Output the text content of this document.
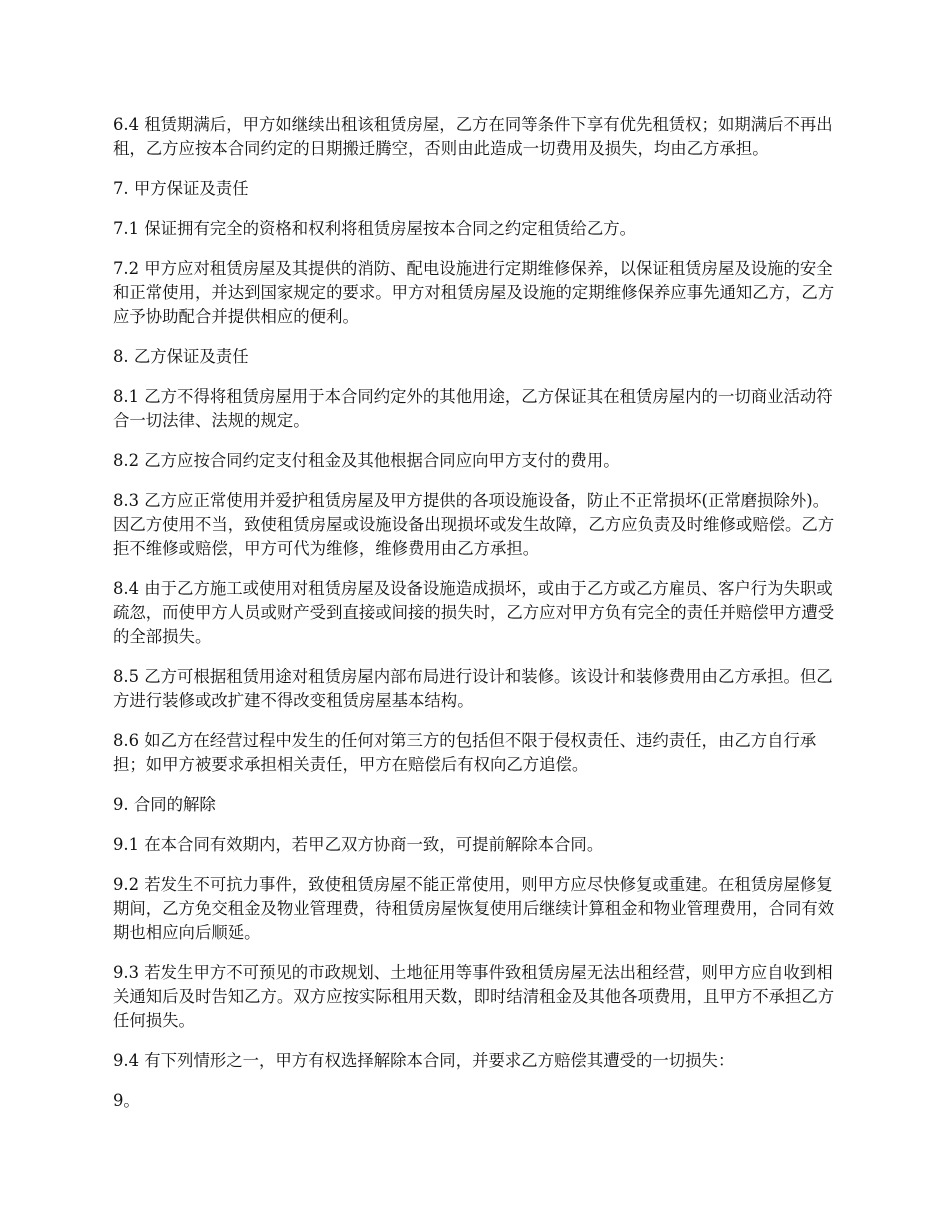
6.4 租赁期满后，甲方如继续出租该租赁房屋，乙方在同等条件下享有优先租赁权；如期满后不再出租，乙方应按本合同约定的日期搬迁腾空，否则由此造成一切费用及损失，均由乙方承担。

7. 甲方保证及责任

7.1 保证拥有完全的资格和权利将租赁房屋按本合同之约定租赁给乙方。

7.2 甲方应对租赁房屋及其提供的消防、配电设施进行定期维修保养，以保证租赁房屋及设施的安全和正常使用，并达到国家规定的要求。甲方对租赁房屋及设施的定期维修保养应事先通知乙方，乙方应予协助配合并提供相应的便利。

8. 乙方保证及责任

8.1 乙方不得将租赁房屋用于本合同约定外的其他用途，乙方保证其在租赁房屋内的一切商业活动符合一切法律、法规的规定。

8.2 乙方应按合同约定支付租金及其他根据合同应向甲方支付的费用。

8.3 乙方应正常使用并爱护租赁房屋及甲方提供的各项设施设备，防止不正常损坏(正常磨损除外)。因乙方使用不当，致使租赁房屋或设施设备出现损坏或发生故障，乙方应负责及时维修或赔偿。乙方拒不维修或赔偿，甲方可代为维修，维修费用由乙方承担。

8.4 由于乙方施工或使用对租赁房屋及设备设施造成损坏，或由于乙方或乙方雇员、客户行为失职或疏忽，而使甲方人员或财产受到直接或间接的损失时，乙方应对甲方负有完全的责任并赔偿甲方遭受的全部损失。

8.5 乙方可根据租赁用途对租赁房屋内部布局进行设计和装修。该设计和装修费用由乙方承担。但乙方进行装修或改扩建不得改变租赁房屋基本结构。

8.6 如乙方在经营过程中发生的任何对第三方的包括但不限于侵权责任、违约责任，由乙方自行承担；如甲方被要求承担相关责任，甲方在赔偿后有权向乙方追偿。

9. 合同的解除

9.1 在本合同有效期内，若甲乙双方协商一致，可提前解除本合同。

9.2 若发生不可抗力事件，致使租赁房屋不能正常使用，则甲方应尽快修复或重建。在租赁房屋修复期间，乙方免交租金及物业管理费，待租赁房屋恢复使用后继续计算租金和物业管理费用，合同有效期也相应向后顺延。

9.3 若发生甲方不可预见的市政规划、土地征用等事件致租赁房屋无法出租经营，则甲方应自收到相关通知后及时告知乙方。双方应按实际租用天数，即时结清租金及其他各项费用，且甲方不承担乙方任何损失。

9.4 有下列情形之一，甲方有权选择解除本合同，并要求乙方赔偿其遭受的一切损失：

9。
